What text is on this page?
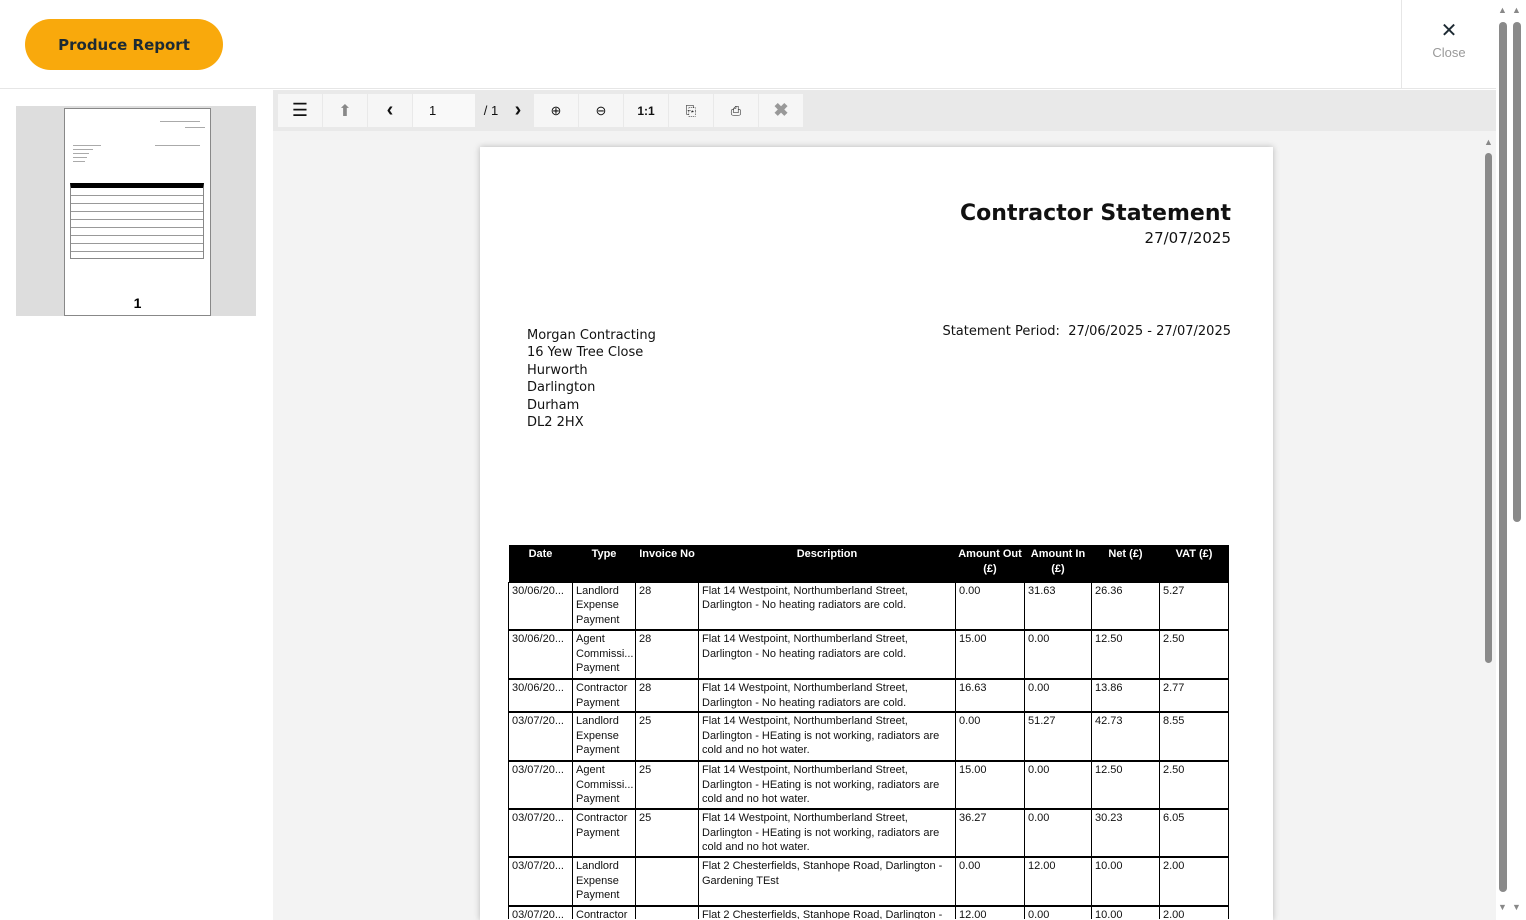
Produce Report
✕
Close
▲ ▲
▼ ▼
1
☰ ⬆ ‹	1	/ 1 › ⊕	⊖	1:1	⎘	⎙ ✖
Contractor Statement
27/07/2025
Morgan Contracting
16 Yew Tree Close
Hurworth
Darlington
Durham
DL2 2HX
Statement Period: 27/06/2025 - 27/07/2025
Date	Type	Invoice No	Description	Amount Out (£)	Amount In (£)	Net (£)	VAT (£)
30/06/20...	Landlord Expense Payment	28	Flat 14 Westpoint, Northumberland Street, Darlington - No heating radiators are cold.	0.00	31.63	26.36	5.27
30/06/20...	Agent Commissi... Payment	28	Flat 14 Westpoint, Northumberland Street, Darlington - No heating radiators are cold.	15.00	0.00	12.50	2.50
30/06/20...	Contractor Payment	28	Flat 14 Westpoint, Northumberland Street, Darlington - No heating radiators are cold.	16.63	0.00	13.86	2.77
03/07/20...	Landlord Expense Payment	25	Flat 14 Westpoint, Northumberland Street, Darlington - HEating is not working, radiators are cold and no hot water.	0.00	51.27	42.73	8.55
03/07/20...	Agent Commissi... Payment	25	Flat 14 Westpoint, Northumberland Street, Darlington - HEating is not working, radiators are cold and no hot water.	15.00	0.00	12.50	2.50
03/07/20...	Contractor Payment	25	Flat 14 Westpoint, Northumberland Street, Darlington - HEating is not working, radiators are cold and no hot water.	36.27	0.00	30.23	6.05
03/07/20...	Landlord Expense Payment		Flat 2 Chesterfields, Stanhope Road, Darlington - Gardening TEst	0.00	12.00	10.00	2.00

03/07/20...	Contractor		Flat 2 Chesterfields, Stanhope Road, Darlington -	12.00	0.00	10.00	2.00
▲
